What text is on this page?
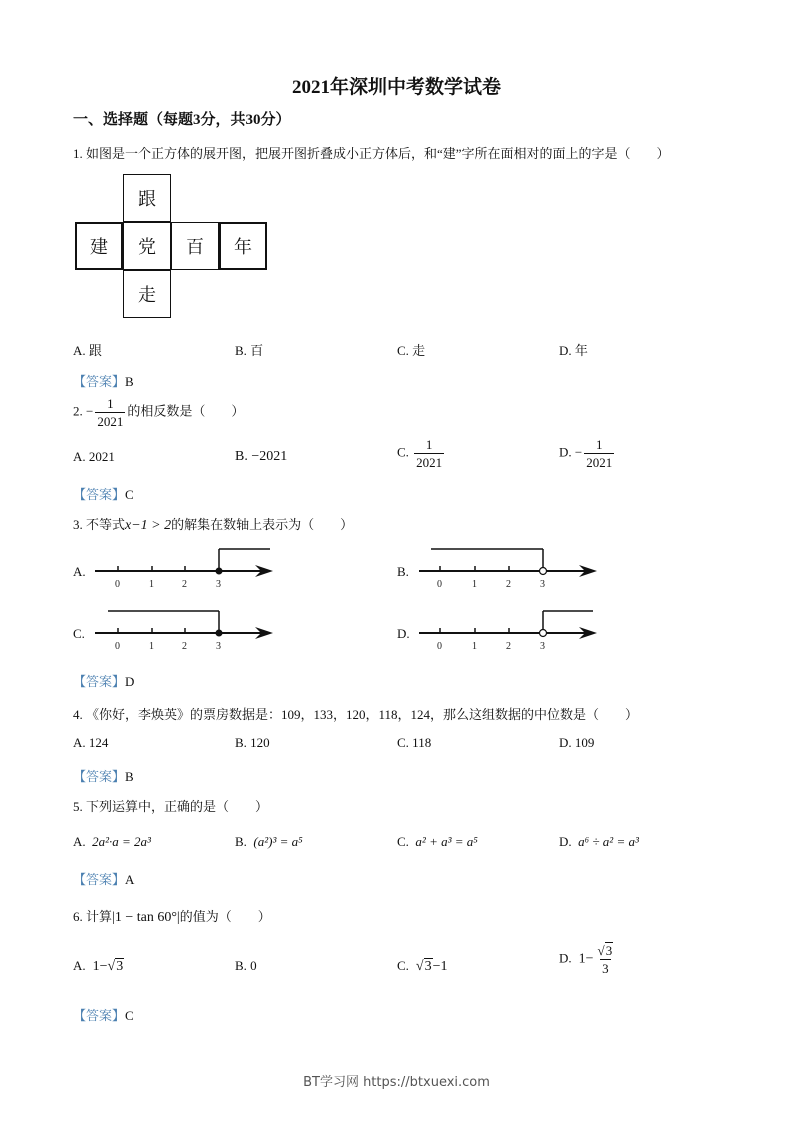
2021年深圳中考数学试卷
一、选择题（每题3分，共30分）
1. 如图是一个正方体的展开图，把展开图折叠成小正方体后，和“建”字所在面相对的面上的字是（　　）
跟
建	党	百	年
走
A. 跟	B. 百	C. 走	D. 年
【答案】B
2. − $\frac{1}{2021}$ 的相反数是（　　）
A. 2021	B. −2021	C. $\frac{1}{2021}$	D. − $\frac{1}{2021}$
【答案】C
3. 不等式x−1 > 2的解集在数轴上表示为（　　）
A.
0	1	2	3
B.
0	1	2	3
C.
0	1	2	3
D.
0	1	2	3
【答案】D
4. 《你好，李焕英》的票房数据是：109，133，120，118，124，那么这组数据的中位数是（　　）
A. 124	B. 120	C. 118	D. 109
【答案】B
5. 下列运算中，正确的是（　　）
A. 2a²·a = 2a³	B. (a²)³ = a⁵	C. a² + a³ = a⁵	D. a⁶ ÷ a² = a³
【答案】A
6. 计算|1 − tan 60°|的值为（　　）
A. 1−√3	B. 0	C. √3−1
D. $1- \frac{√3}{3}$
【答案】C
BT学习网 https://btxuexi.com
